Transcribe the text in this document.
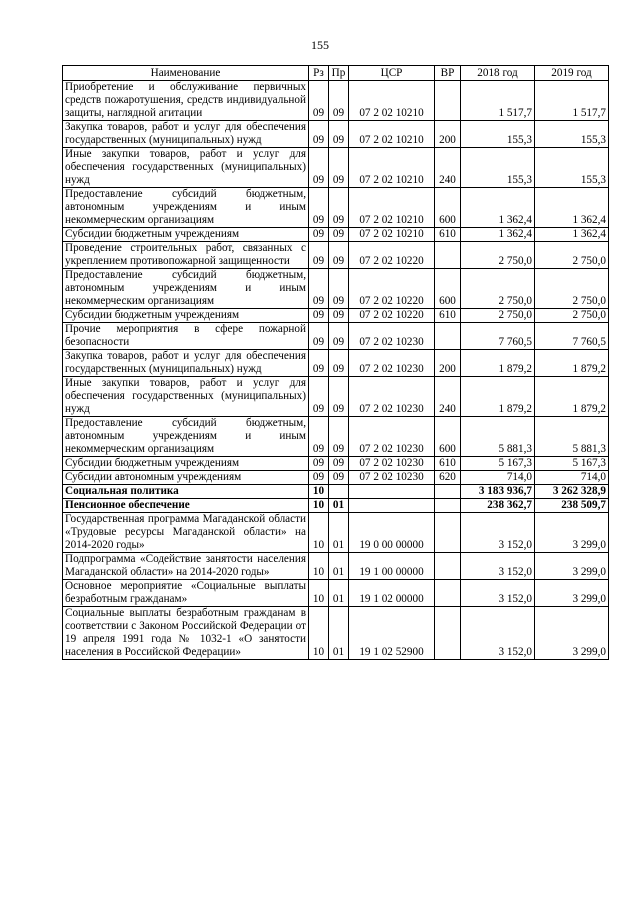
155
Наименование	Рз	Пр	ЦСР	ВР	2018 год	2019 год
Приобретение и обслуживание первичных средств пожаротушения, средств индивидуальной защиты, наглядной агитации	09	09	07 2 02 10210		1 517,7	1 517,7
Закупка товаров, работ и услуг для обеспечения государственных (муниципальных) нужд	09	09	07 2 02 10210	200	155,3	155,3
Иные закупки товаров, работ и услуг для обеспечения государственных (муниципальных) нужд	09	09	07 2 02 10210	240	155,3	155,3
Предоставление субсидий бюджетным, автономным учреждениям и иным некоммерческим организациям	09	09	07 2 02 10210	600	1 362,4	1 362,4
Субсидии бюджетным учреждениям	09	09	07 2 02 10210	610	1 362,4	1 362,4
Проведение строительных работ, связанных с укреплением противопожарной защищенности	09	09	07 2 02 10220		2 750,0	2 750,0
Предоставление субсидий бюджетным, автономным учреждениям и иным некоммерческим организациям	09	09	07 2 02 10220	600	2 750,0	2 750,0
Субсидии бюджетным учреждениям	09	09	07 2 02 10220	610	2 750,0	2 750,0
Прочие мероприятия в сфере пожарной безопасности	09	09	07 2 02 10230		7 760,5	7 760,5
Закупка товаров, работ и услуг для обеспечения государственных (муниципальных) нужд	09	09	07 2 02 10230	200	1 879,2	1 879,2
Иные закупки товаров, работ и услуг для обеспечения государственных (муниципальных) нужд	09	09	07 2 02 10230	240	1 879,2	1 879,2
Предоставление субсидий бюджетным, автономным учреждениям и иным некоммерческим организациям	09	09	07 2 02 10230	600	5 881,3	5 881,3
Субсидии бюджетным учреждениям	09	09	07 2 02 10230	610	5 167,3	5 167,3
Субсидии автономным учреждениям	09	09	07 2 02 10230	620	714,0	714,0
Социальная политика	10				3 183 936,7	3 262 328,9
Пенсионное обеспечение	10	01			238 362,7	238 509,7
Государственная программа Магаданской области «Трудовые ресурсы Магаданской области» на 2014-2020 годы»	10	01	19 0 00 00000		3 152,0	3 299,0
Подпрограмма «Содействие занятости населения Магаданской области» на 2014-2020 годы»	10	01	19 1 00 00000		3 152,0	3 299,0
Основное мероприятие «Социальные выплаты безработным гражданам»	10	01	19 1 02 00000		3 152,0	3 299,0
Социальные выплаты безработным гражданам в соответствии с Законом Российской Федерации от 19 апреля 1991 года № 1032-1 «О занятости населения в Российской Федерации»	10	01	19 1 02 52900		3 152,0	3 299,0
